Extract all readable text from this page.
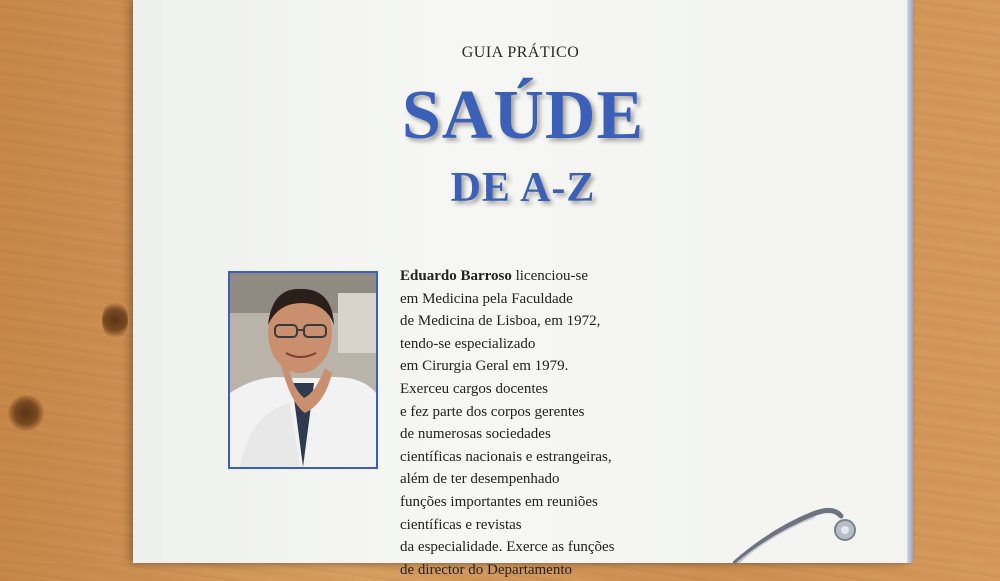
GUIA PRÁTICO
SAÚDE
DE A-Z
Eduardo Barroso licenciou-se
em Medicina pela Faculdade
de Medicina de Lisboa, em 1972,
tendo-se especializado
em Cirurgia Geral em 1979.
Exerceu cargos docentes
e fez parte dos corpos gerentes
de numerosas sociedades
científicas nacionais e estrangeiras,
além de ter desempenhado
funções importantes em reuniões
científicas e revistas
da especialidade. Exerce as funções
de director do Departamento
